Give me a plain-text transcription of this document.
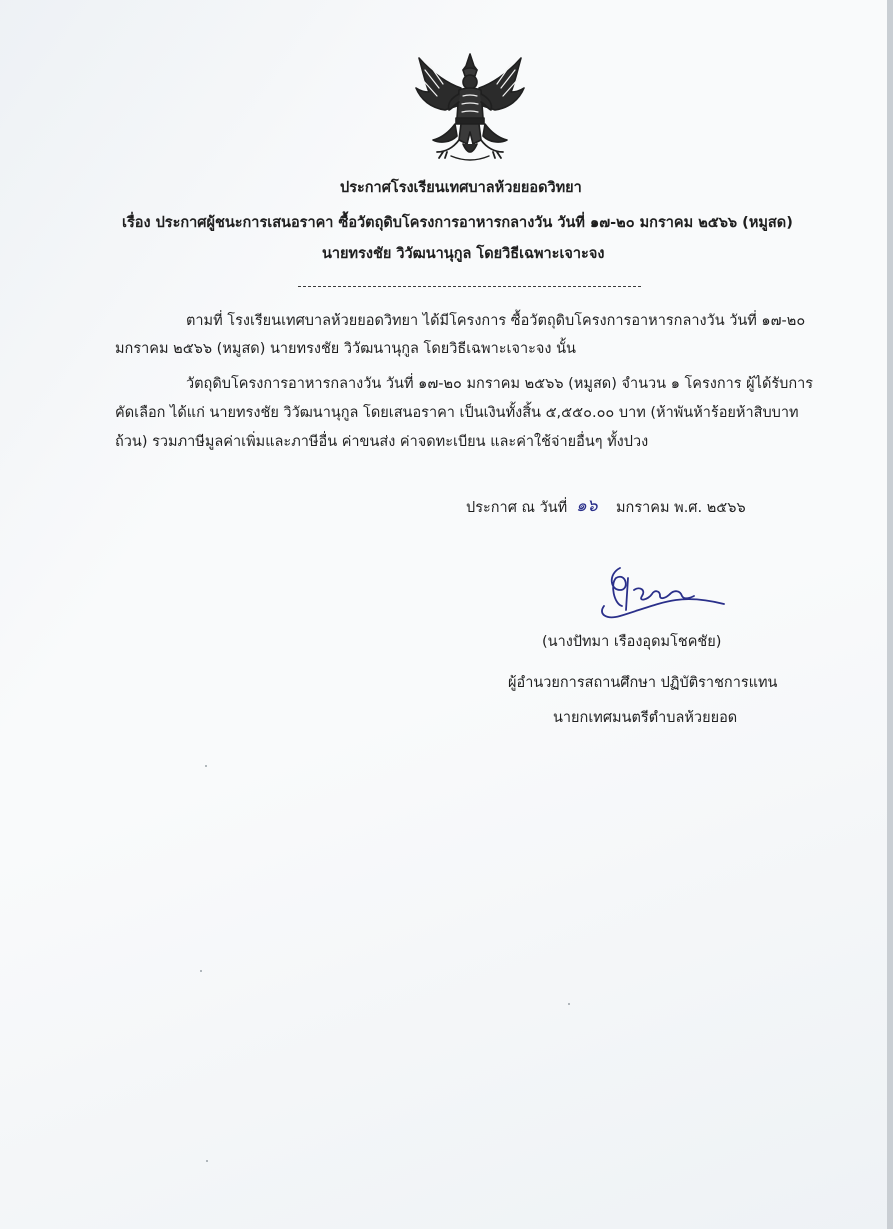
ประกาศโรงเรียนเทศบาลห้วยยอดวิทยา
เรื่อง ประกาศผู้ชนะการเสนอราคา ซื้อวัตถุดิบโครงการอาหารกลางวัน วันที่ ๑๗-๒๐ มกราคม ๒๕๖๖ (หมูสด)
นายทรงชัย วิวัฒนานุกูล โดยวิธีเฉพาะเจาะจง
ตามที่ โรงเรียนเทศบาลห้วยยอดวิทยา ได้มีโครงการ ซื้อวัตถุดิบโครงการอาหารกลางวัน วันที่ ๑๗-๒๐
มกราคม ๒๕๖๖ (หมูสด) นายทรงชัย วิวัฒนานุกูล โดยวิธีเฉพาะเจาะจง นั้น
วัตถุดิบโครงการอาหารกลางวัน วันที่ ๑๗-๒๐ มกราคม ๒๕๖๖ (หมูสด) จำนวน ๑ โครงการ ผู้ได้รับการ
คัดเลือก ได้แก่ นายทรงชัย วิวัฒนานุกูล โดยเสนอราคา เป็นเงินทั้งสิ้น ๕,๕๕๐.๐๐ บาท (ห้าพันห้าร้อยห้าสิบบาท
ถ้วน) รวมภาษีมูลค่าเพิ่มและภาษีอื่น ค่าขนส่ง ค่าจดทะเบียน และค่าใช้จ่ายอื่นๆ ทั้งปวง
ประกาศ ณ วันที่ ๑๖ มกราคม พ.ศ. ๒๕๖๖
(นางปัทมา เรืองอุดมโชคชัย)
ผู้อำนวยการสถานศึกษา ปฏิบัติราชการแทน
นายกเทศมนตรีตำบลห้วยยอด
